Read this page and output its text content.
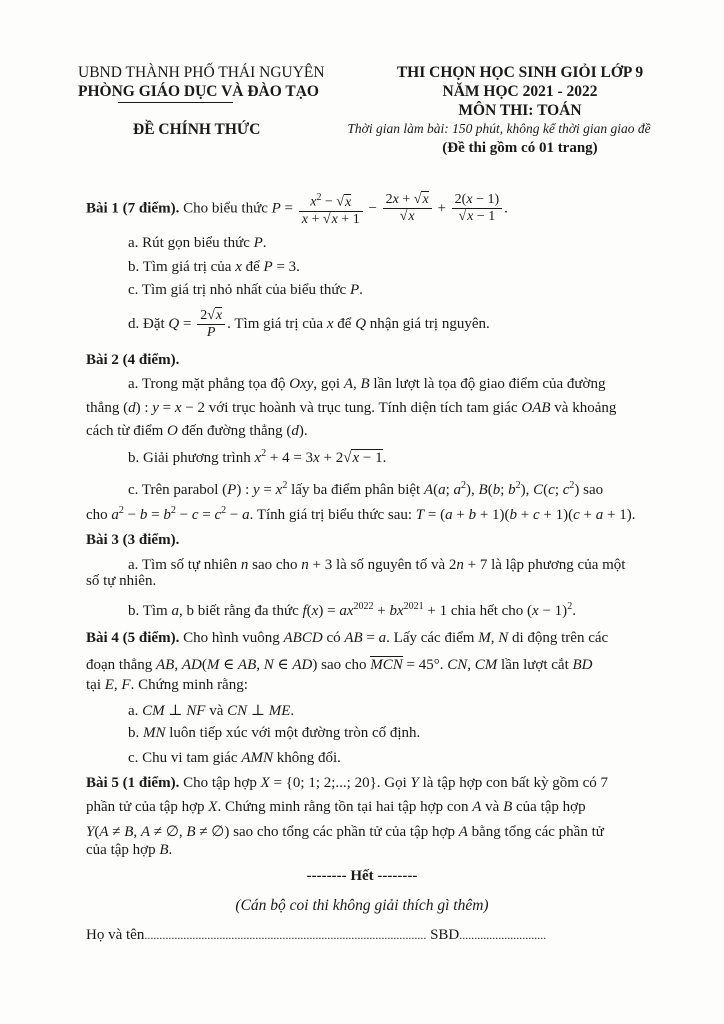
UBND THÀNH PHỐ THÁI NGUYÊN
PHÒNG GIÁO DỤC VÀ ĐÀO TẠO
ĐỀ CHÍNH THỨC
THI CHỌN HỌC SINH GIỎI LỚP 9
NĂM HỌC 2021 - 2022
MÔN THI: TOÁN
Thời gian làm bài: 150 phút, không kể thời gian giao đề
(Đề thi gồm có 01 trang)
Bài 1 (7 điểm). Cho biểu thức $P = \frac{x^2 - √x}{x + √x + 1} - \frac{2x + √x}{√x} + \frac{2(x - 1)}{√x - 1}$ .
a. Rút gọn biểu thức P.
b. Tìm giá trị của x để P = 3.
c. Tìm giá trị nhỏ nhất của biểu thức P.
d. Đặt $Q = \frac{2√x}{P}$ . Tìm giá trị của x để Q nhận giá trị nguyên.
Bài 2 (4 điểm).
a. Trong mặt phẳng tọa độ Oxy, gọi A, B lần lượt là tọa độ giao điểm của đường
thẳng (d) : y = x − 2 với trục hoành và trục tung. Tính diện tích tam giác OAB và khoảng
cách từ điểm O đến đường thẳng (d).
b. Giải phương trình $x^2 + 4 = 3x + 2√x - 1$.
c. Trên parabol (P) : $y = x^2$ lấy ba điểm phân biệt A(a; $a^2$), B(b; $b^2$), C(c; $c^2$) sao
cho $a^2 - b = b^2 - c = c^2 - a$. Tính giá trị biểu thức sau: T = (a + b + 1)(b + c + 1)(c + a + 1).
Bài 3 (3 điểm).
a. Tìm số tự nhiên n sao cho n + 3 là số nguyên tố và 2n + 7 là lập phương của một
số tự nhiên.
b. Tìm a, b biết rằng đa thức $f(x) = ax^{2022} + bx^{2021} + 1$ chia hết cho $(x - 1)^2$.
Bài 4 (5 điểm). Cho hình vuông ABCD có AB = a. Lấy các điểm M, N di động trên các
đoạn thẳng AB, AD(M ∈ AB, N ∈ AD) sao cho MCN = 45°. CN, CM lần lượt cắt BD
tại E, F. Chứng minh rằng:
a. CM ⊥ NF và CN ⊥ ME.
b. MN luôn tiếp xúc với một đường tròn cố định.
c. Chu vi tam giác AMN không đổi.
Bài 5 (1 điểm). Cho tập hợp X = {0; 1; 2;...; 20}. Gọi Y là tập hợp con bất kỳ gồm có 7
phần tử của tập hợp X. Chứng minh rằng tồn tại hai tập hợp con A và B của tập hợp
Y(A ≠ B, A ≠ ∅, B ≠ ∅) sao cho tổng các phần tử của tập hợp A bằng tổng các phần tử
của tập hợp B.
-------- Hết --------
(Cán bộ coi thi không giải thích gì thêm)
Họ và tên.............................................................................................. SBD.............................
